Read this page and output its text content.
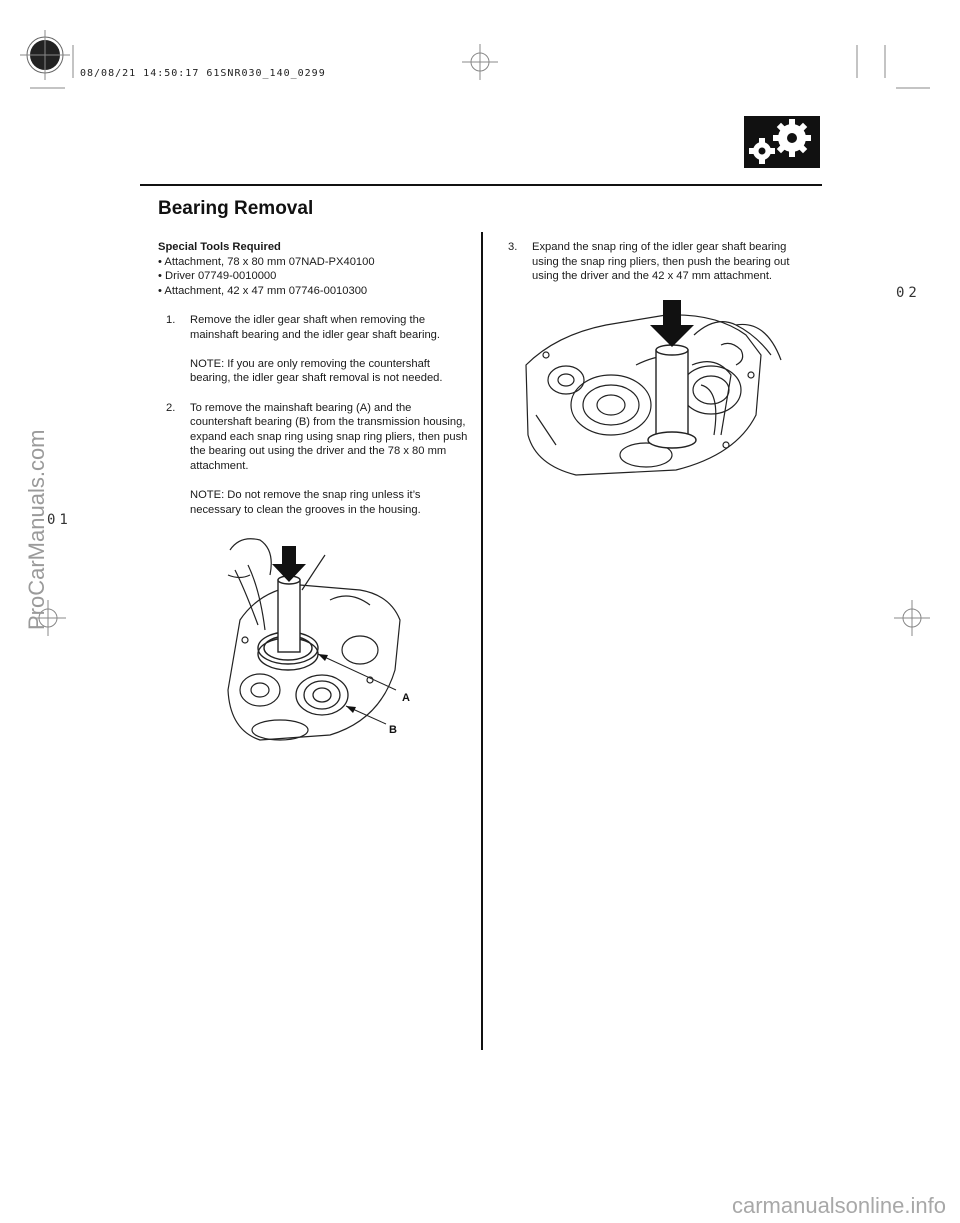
08/08/21 14:50:17 61SNR030_140_0299
02
01
ProCarManuals.com
carmanualsonline.info
Bearing Removal
Special Tools Required
• Attachment, 78 x 80 mm 07NAD-PX40100
• Driver 07749-0010000
• Attachment, 42 x 47 mm 07746-0010300
1. Remove the idler gear shaft when removing the mainshaft bearing and the idler gear shaft bearing.

NOTE: If you are only removing the countershaft bearing, the idler gear shaft removal is not needed.

2. To remove the mainshaft bearing (A) and the countershaft bearing (B) from the transmission housing, expand each snap ring using snap ring pliers, then push the bearing out using the driver and the 78 x 80 mm attachment.

NOTE: Do not remove the snap ring unless it’s necessary to clean the grooves in the housing.

3. Expand the snap ring of the idler gear shaft bearing using the snap ring pliers, then push the bearing out using the driver and the 42 x 47 mm attachment.
A
B
